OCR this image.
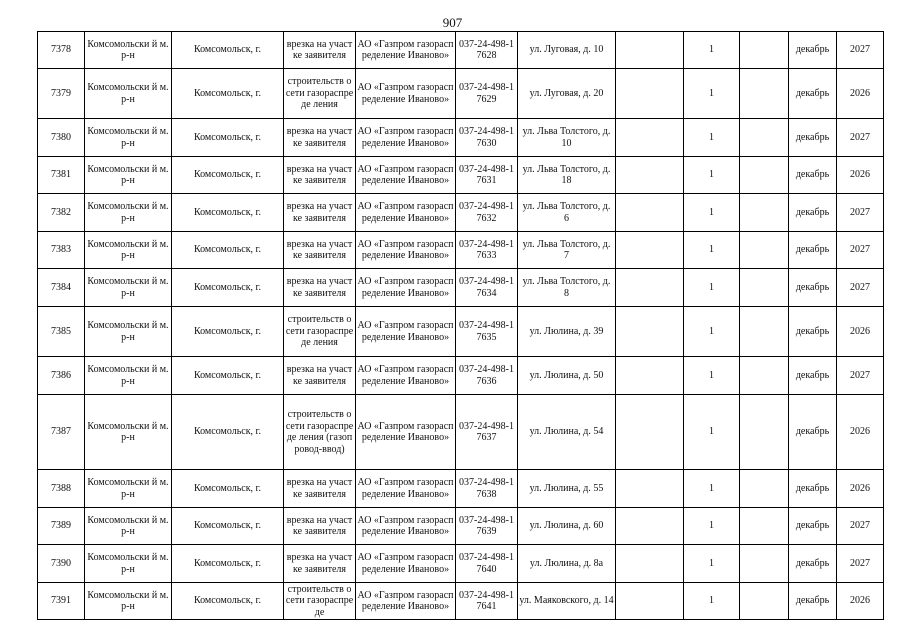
907
7378	Комсомольски й м.р-н	Комсомольск, г.	врезка на участке заявителя	АО «Газпром газораспределение Иваново»	037-24-498-17628	ул. Луговая, д. 10		1		декабрь	2027
7379	Комсомольски й м.р-н	Комсомольск, г.	строительств о сети газораспреде ления	АО «Газпром газораспределение Иваново»	037-24-498-17629	ул. Луговая, д. 20		1		декабрь	2026
7380	Комсомольски й м.р-н	Комсомольск, г.	врезка на участке заявителя	АО «Газпром газораспределение Иваново»	037-24-498-17630	ул. Льва Толстого, д. 10		1		декабрь	2027
7381	Комсомольски й м.р-н	Комсомольск, г.	врезка на участке заявителя	АО «Газпром газораспределение Иваново»	037-24-498-17631	ул. Льва Толстого, д. 18		1		декабрь	2026
7382	Комсомольски й м.р-н	Комсомольск, г.	врезка на участке заявителя	АО «Газпром газораспределение Иваново»	037-24-498-17632	ул. Льва Толстого, д. 6		1		декабрь	2027
7383	Комсомольски й м.р-н	Комсомольск, г.	врезка на участке заявителя	АО «Газпром газораспределение Иваново»	037-24-498-17633	ул. Льва Толстого, д. 7		1		декабрь	2027
7384	Комсомольски й м.р-н	Комсомольск, г.	врезка на участке заявителя	АО «Газпром газораспределение Иваново»	037-24-498-17634	ул. Льва Толстого, д. 8		1		декабрь	2027
7385	Комсомольски й м.р-н	Комсомольск, г.	строительств о сети газораспреде ления	АО «Газпром газораспределение Иваново»	037-24-498-17635	ул. Люлина, д. 39		1		декабрь	2026
7386	Комсомольски й м.р-н	Комсомольск, г.	врезка на участке заявителя	АО «Газпром газораспределение Иваново»	037-24-498-17636	ул. Люлина, д. 50		1		декабрь	2027
7387	Комсомольски й м.р-н	Комсомольск, г.	строительств о сети газораспреде ления (газопровод-ввод)	АО «Газпром газораспределение Иваново»	037-24-498-17637	ул. Люлина, д. 54		1		декабрь	2026
7388	Комсомольски й м.р-н	Комсомольск, г.	врезка на участке заявителя	АО «Газпром газораспределение Иваново»	037-24-498-17638	ул. Люлина, д. 55		1		декабрь	2026
7389	Комсомольски й м.р-н	Комсомольск, г.	врезка на участке заявителя	АО «Газпром газораспределение Иваново»	037-24-498-17639	ул. Люлина, д. 60		1		декабрь	2027
7390	Комсомольски й м.р-н	Комсомольск, г.	врезка на участке заявителя	АО «Газпром газораспределение Иваново»	037-24-498-17640	ул. Люлина, д. 8а		1		декабрь	2027
7391	Комсомольски й м.р-н	Комсомольск, г.	строительств о сети газораспреде	АО «Газпром газораспределение Иваново»	037-24-498-17641	ул. Маяковского, д. 14		1		декабрь	2026
